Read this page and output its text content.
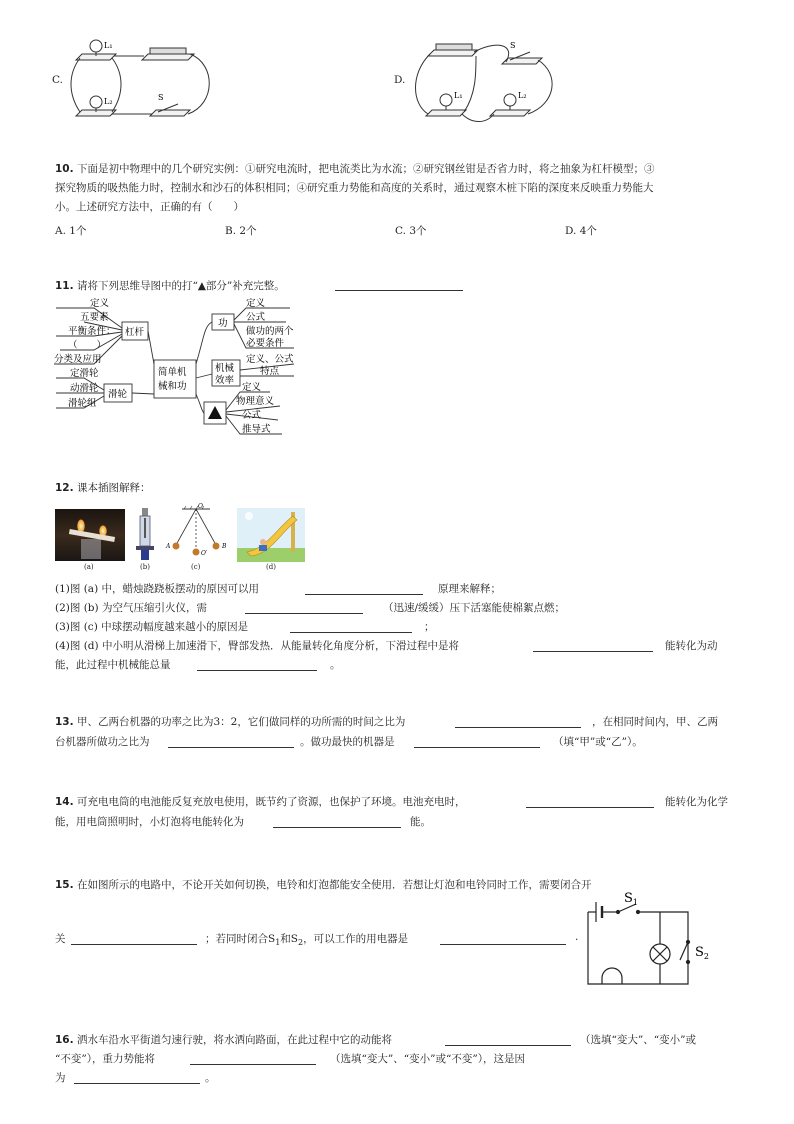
C.
L₁
L₂	S
D.
S
L₁	L₂
10. 下面是初中物理中的几个研究实例：①研究电流时，把电流类比为水流；②研究钢丝钳是否省力时，将之抽象为杠杆模型；③
探究物质的吸热能力时，控制水和沙石的体积相同；④研究重力势能和高度的关系时，通过观察木桩下陷的深度来反映重力势能大
小。上述研究方法中，正确的有（　　）
A. 1个	B. 2个	C. 3个	D. 4个
11. 请将下列思维导图中的打“▲部分”补充完整。
简单机
械和功
杠杆
滑轮
功
机械
效率
定义
五要素
平衡条件：
（　　）
分类及应用
定滑轮
动滑轮
滑轮组
定义
公式
做功的两个
必要条件
定义、公式
特点
定义
物理意义
公式
推导式
12. 课本插图解释：
(a)	(b)
O
A	B
O′
(c)	(d)
(1)图 (a) 中，蜡烛跷跷板摆动的原因可以用	原理来解释；
(2)图 (b) 为空气压缩引火仪，需	（迅速/缓缓）压下活塞能使棉絮点燃；
(3)图 (c) 中球摆动幅度越来越小的原因是	；
(4)图 (d) 中小明从滑梯上加速滑下，臀部发热．从能量转化角度分析，下滑过程中是将	能转化为动
能，此过程中机械能总量	。
13. 甲、乙两台机器的功率之比为3：2，它们做同样的功所需的时间之比为	，在相同时间内，甲、乙两
台机器所做功之比为	。做功最快的机器是	（填“甲”或“乙”）。
14. 可充电电筒的电池能反复充放电使用，既节约了资源，也保护了环境。电池充电时，	能转化为化学
能，用电筒照明时，小灯泡将电能转化为	能。
15. 在如图所示的电路中，不论开关如何切换，电铃和灯泡都能安全使用．若想让灯泡和电铃同时工作，需要闭合开
关	；若同时闭合$S_1$和$S_2$，可以工作的用电器是	.
$S_1$
$S_2$
16. 洒水车沿水平街道匀速行驶，将水洒向路面，在此过程中它的动能将	（选填“变大”、“变小”或
“不变”），重力势能将	（选填“变大”、“变小”或“不变”），这是因
为	。
